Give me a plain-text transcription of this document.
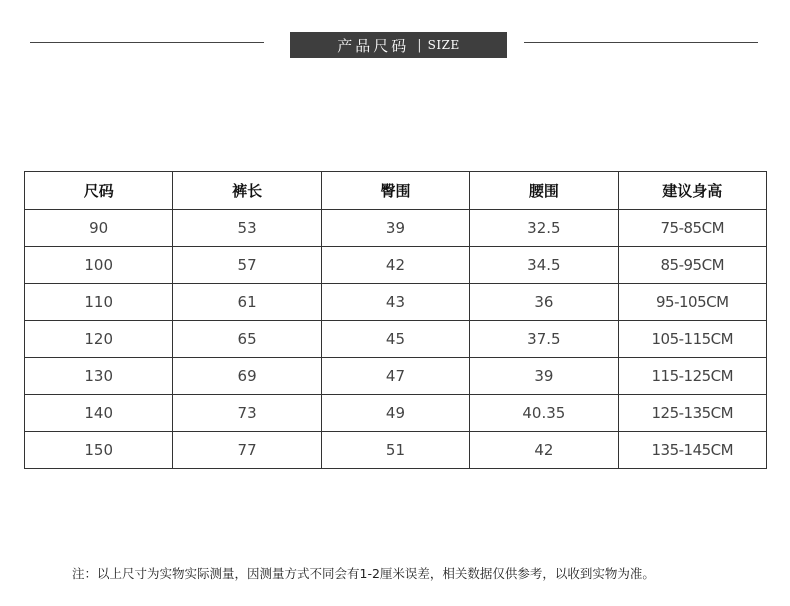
产品尺码 | SIZE
尺码	裤长	臀围	腰围	建议身高
90	53	39	32.5	75-85CM
100	57	42	34.5	85-95CM
110	61	43	36	95-105CM
120	65	45	37.5	105-115CM
130	69	47	39	115-125CM
140	73	49	40.35	125-135CM
150	77	51	42	135-145CM
注：以上尺寸为实物实际测量，因测量方式不同会有1-2厘米误差，相关数据仅供参考，以收到实物为准。
